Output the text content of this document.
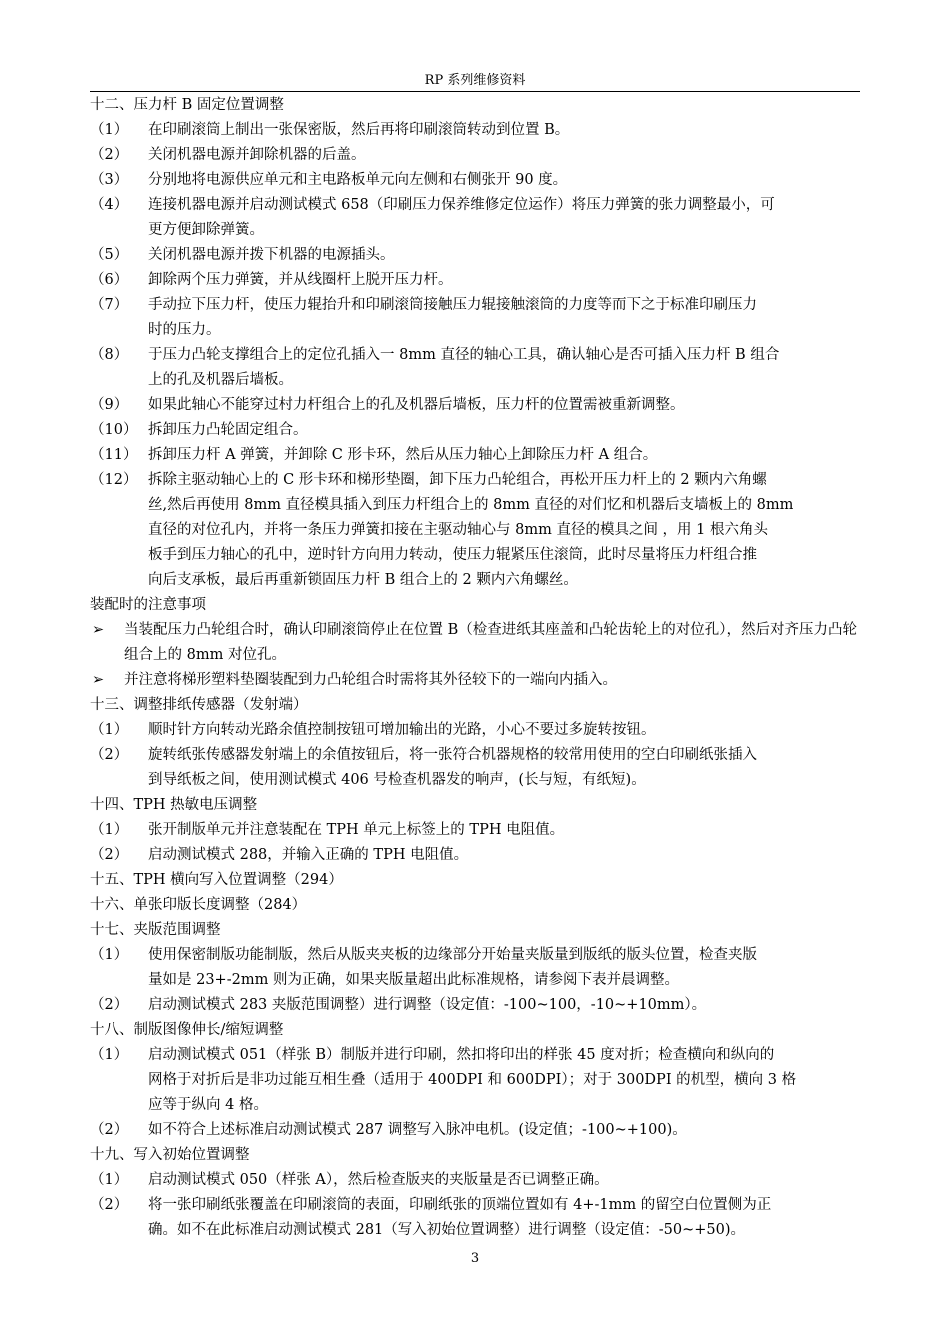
RP 系列维修资料
十二、压力杆 B 固定位置调整
（1） 在印刷滚筒上制出一张保密版，然后再将印刷滚筒转动到位置 B。
（2） 关闭机器电源并卸除机器的后盖。
（3） 分别地将电源供应单元和主电路板单元向左侧和右侧张开 90 度。
（4） 连接机器电源并启动测试模式 658（印刷压力保养维修定位运作）将压力弹簧的张力调整最小，可
更方便卸除弹簧。
（5） 关闭机器电源并拨下机器的电源插头。
（6） 卸除两个压力弹簧，并从线圈杆上脱开压力杆。
（7） 手动拉下压力杆，使压力辊抬升和印刷滚筒接触压力辊接触滚筒的力度等而下之于标准印刷压力
时的压力。
（8） 于压力凸轮支撑组合上的定位孔插入一 8mm 直径的轴心工具，确认轴心是否可插入压力杆 B 组合
上的孔及机器后墙板。
（9） 如果此轴心不能穿过村力杆组合上的孔及机器后墙板，压力杆的位置需被重新调整。
（10） 拆卸压力凸轮固定组合。
（11） 拆卸压力杆 A 弹簧，并卸除 C 形卡环，然后从压力轴心上卸除压力杆 A 组合。
（12） 拆除主驱动轴心上的 C 形卡环和梯形垫圈，卸下压力凸轮组合，再松开压力杆上的 2 颗内六角螺
丝,然后再使用 8mm 直径模具插入到压力杆组合上的 8mm 直径的对们忆和机器后支墙板上的 8mm
直径的对位孔内，并将一条压力弹簧扣接在主驱动轴心与 8mm 直径的模具之间 ，用 1 根六角头
板手到压力轴心的孔中，逆时针方向用力转动，使压力辊紧压住滚筒，此时尽量将压力杆组合推
向后支承板，最后再重新锁固压力杆 B 组合上的 2 颗内六角螺丝。
装配时的注意事项
➢ 当装配压力凸轮组合时，确认印刷滚筒停止在位置 B（检查进纸其座盖和凸轮齿轮上的对位孔），然后对齐压力凸轮组合上的 8mm 对位孔。
➢ 并注意将梯形塑料垫圈装配到力凸轮组合时需将其外径较下的一端向内插入。
十三、调整排纸传感器（发射端）
（1） 顺时针方向转动光路余值控制按钮可增加输出的光路，小心不要过多旋转按钮。
（2） 旋转纸张传感器发射端上的余值按钮后，将一张符合机器规格的较常用使用的空白印刷纸张插入
到导纸板之间，使用测试模式 406 号检查机器发的响声，(长与短，有纸短)。
十四、TPH 热敏电压调整
（1） 张开制版单元并注意装配在 TPH 单元上标签上的 TPH 电阻值。
（2） 启动测试模式 288，并输入正确的 TPH 电阻值。
十五、TPH 横向写入位置调整（294）
十六、单张印版长度调整（284）
十七、夹版范围调整
（1） 使用保密制版功能制版，然后从版夹夹板的边缘部分开始量夹版量到版纸的版头位置，检查夹版
量如是 23+-2mm 则为正确，如果夹版量超出此标准规格，请参阅下表并晨调整。
（2） 启动测试模式 283 夹版范围调整）进行调整（设定值：-100~100，-10~+10mm）。
十八、制版图像伸长/缩短调整
（1） 启动测试模式 051（样张 B）制版并进行印刷，然扣将印出的样张 45 度对折；检查横向和纵向的
网格于对折后是非功过能互相生叠（适用于 400DPI 和 600DPI）；对于 300DPI 的机型，横向 3 格
应等于纵向 4 格。
（2） 如不符合上述标准启动测试模式 287 调整写入脉冲电机。(设定值；-100~+100)。
十九、写入初始位置调整
（1） 启动测试模式 050（样张 A），然后检查版夹的夹版量是否已调整正确。
（2） 将一张印刷纸张覆盖在印刷滚筒的表面，印刷纸张的顶端位置如有 4+-1mm 的留空白位置侧为正
确。如不在此标准启动测试模式 281（写入初始位置调整）进行调整（设定值：-50~+50)。
3
